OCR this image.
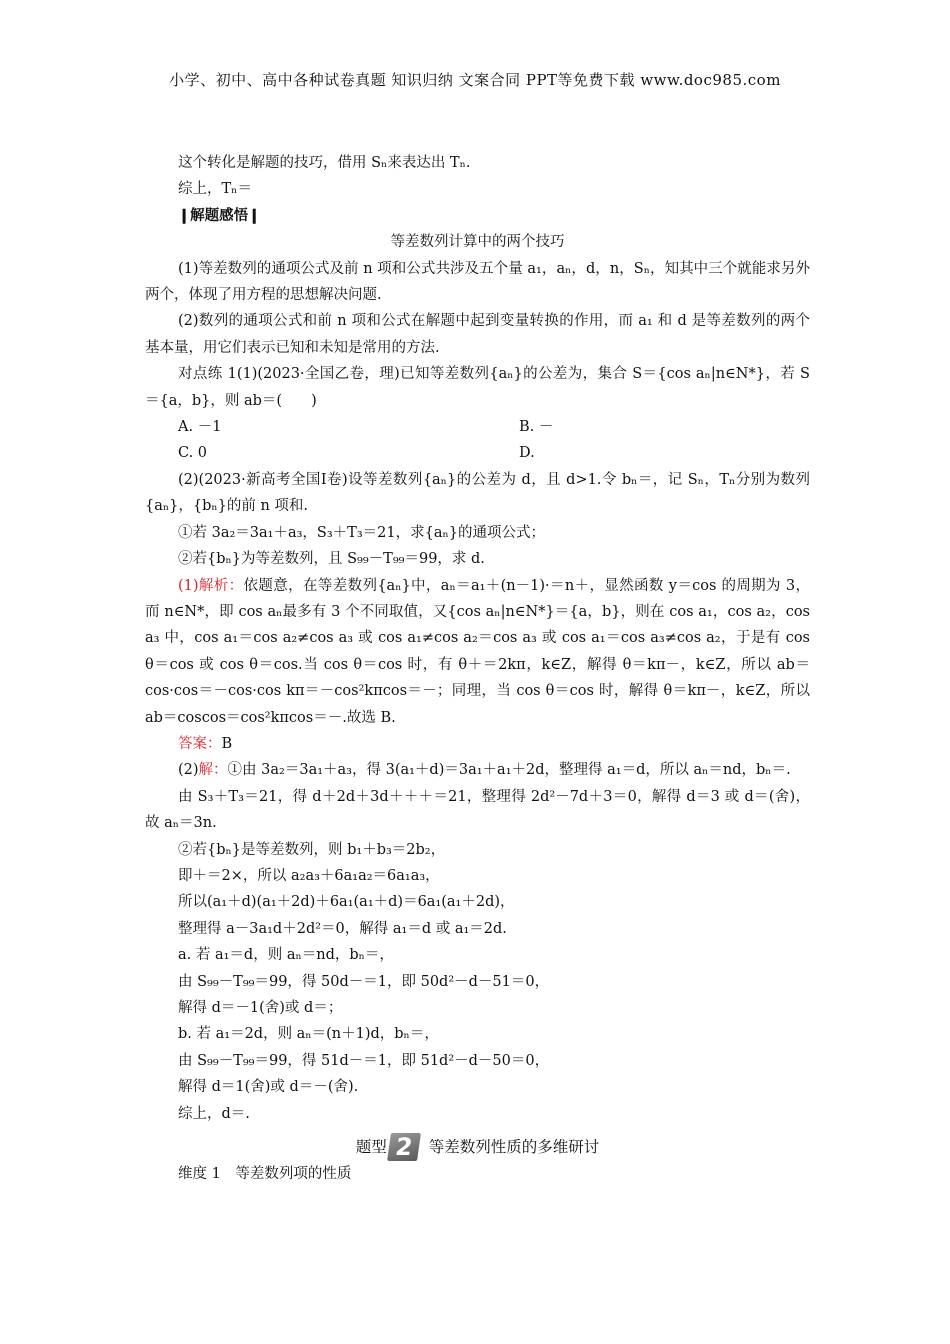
小学、初中、高中各种试卷真题 知识归纳 文案合同 PPT等免费下载 www.doc985.com
这个转化是解题的技巧，借用 Sₙ来表达出 Tₙ.
综上，Tₙ＝
❙解题感悟❙
等差数列计算中的两个技巧
(1)等差数列的通项公式及前 n 项和公式共涉及五个量 a₁，aₙ，d，n，Sₙ，知其中三个就能求另外两个，体现了用方程的思想解决问题.
(2)数列的通项公式和前 n 项和公式在解题中起到变量转换的作用，而 a₁ 和 d 是等差数列的两个基本量，用它们表示已知和未知是常用的方法.
对点练 1(1)(2023·全国乙卷，理)已知等差数列{aₙ}的公差为，集合 S＝{cos aₙ|n∈N*}，若 S＝{a，b}，则 ab＝(　　)
A. －1	B. －
C. 0	D.
(2)(2023·新高考全国Ⅰ卷)设等差数列{aₙ}的公差为 d，且 d>1.令 bₙ＝，记 Sₙ，Tₙ分别为数列{aₙ}，{bₙ}的前 n 项和.
①若 3a₂＝3a₁＋a₃，S₃＋T₃＝21，求{aₙ}的通项公式；
②若{bₙ}为等差数列，且 S₉₉－T₉₉＝99，求 d.
(1)解析：依题意，在等差数列{aₙ}中，aₙ＝a₁＋(n－1)·＝n＋，显然函数 y＝cos 的周期为 3，而 n∈N*，即 cos aₙ最多有 3 个不同取值，又{cos aₙ|n∈N*}＝{a，b}，则在 cos a₁，cos a₂，cos a₃ 中，cos a₁＝cos a₂≠cos a₃ 或 cos a₁≠cos a₂＝cos a₃ 或 cos a₁＝cos a₃≠cos a₂，于是有 cos θ＝cos 或 cos θ＝cos.当 cos θ＝cos 时，有 θ＋＝2kπ，k∈Z，解得 θ＝kπ－，k∈Z，所以 ab＝cos·cos＝－cos·cos kπ＝－cos²kπcos＝－；同理，当 cos θ＝cos 时，解得 θ＝kπ－，k∈Z，所以 ab＝coscos＝cos²kπcos＝－.故选 B.
答案：B
(2)解：①由 3a₂＝3a₁＋a₃，得 3(a₁＋d)＝3a₁＋a₁＋2d，整理得 a₁＝d，所以 aₙ＝nd，bₙ＝.
由 S₃＋T₃＝21，得 d＋2d＋3d＋＋＋＝21，整理得 2d²－7d＋3＝0，解得 d＝3 或 d＝(舍)，故 aₙ＝3n.
②若{bₙ}是等差数列，则 b₁＋b₃＝2b₂，
即＋＝2×，所以 a₂a₃＋6a₁a₂＝6a₁a₃，
所以(a₁＋d)(a₁＋2d)＋6a₁(a₁＋d)＝6a₁(a₁＋2d)，
整理得 a－3a₁d＋2d²＝0，解得 a₁＝d 或 a₁＝2d.
a. 若 a₁＝d，则 aₙ＝nd，bₙ＝，
由 S₉₉－T₉₉＝99，得 50d－＝1，即 50d²－d－51＝0，
解得 d＝－1(舍)或 d＝；
b. 若 a₁＝2d，则 aₙ＝(n＋1)d，bₙ＝，
由 S₉₉－T₉₉＝99，得 51d－＝1，即 51d²－d－50＝0，
解得 d＝1(舍)或 d＝－(舍).
综上，d＝.
题型 2 等差数列性质的多维研讨
维度 1　等差数列项的性质
